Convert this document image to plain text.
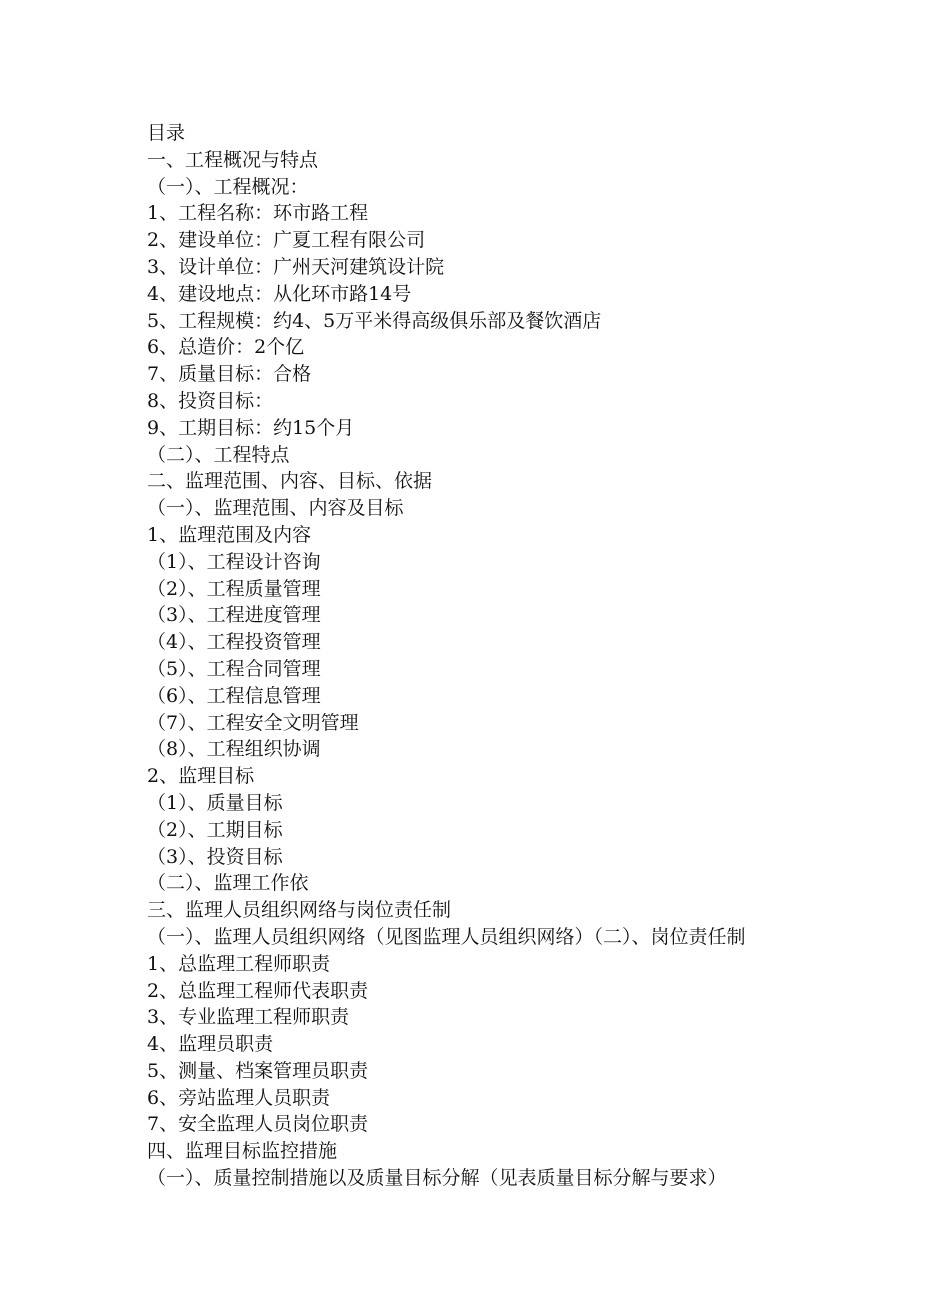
目录
一、工程概况与特点
（一）、工程概况：
1、工程名称：环市路工程
2、建设单位：广夏工程有限公司
3、设计单位：广州天河建筑设计院
4、建设地点：从化环市路14号
5、工程规模：约4、5万平米得高级俱乐部及餐饮酒店
6、总造价：2个亿
7、质量目标：合格
8、投资目标：
9、工期目标：约15个月
（二）、工程特点
二、监理范围、内容、目标、依据
（一）、监理范围、内容及目标
1、监理范围及内容
（1）、工程设计咨询
（2）、工程质量管理
（3）、工程进度管理
（4）、工程投资管理
（5）、工程合同管理
（6）、工程信息管理
（7）、工程安全文明管理
（8）、工程组织协调
2、监理目标
（1）、质量目标
（2）、工期目标
（3）、投资目标
（二）、监理工作依
三、监理人员组织网络与岗位责任制
（一）、监理人员组织网络（见图监理人员组织网络）（二）、岗位责任制
1、总监理工程师职责
2、总监理工程师代表职责
3、专业监理工程师职责
4、监理员职责
5、测量、档案管理员职责
6、旁站监理人员职责
7、安全监理人员岗位职责
四、监理目标监控措施
（一）、质量控制措施以及质量目标分解（见表质量目标分解与要求）
